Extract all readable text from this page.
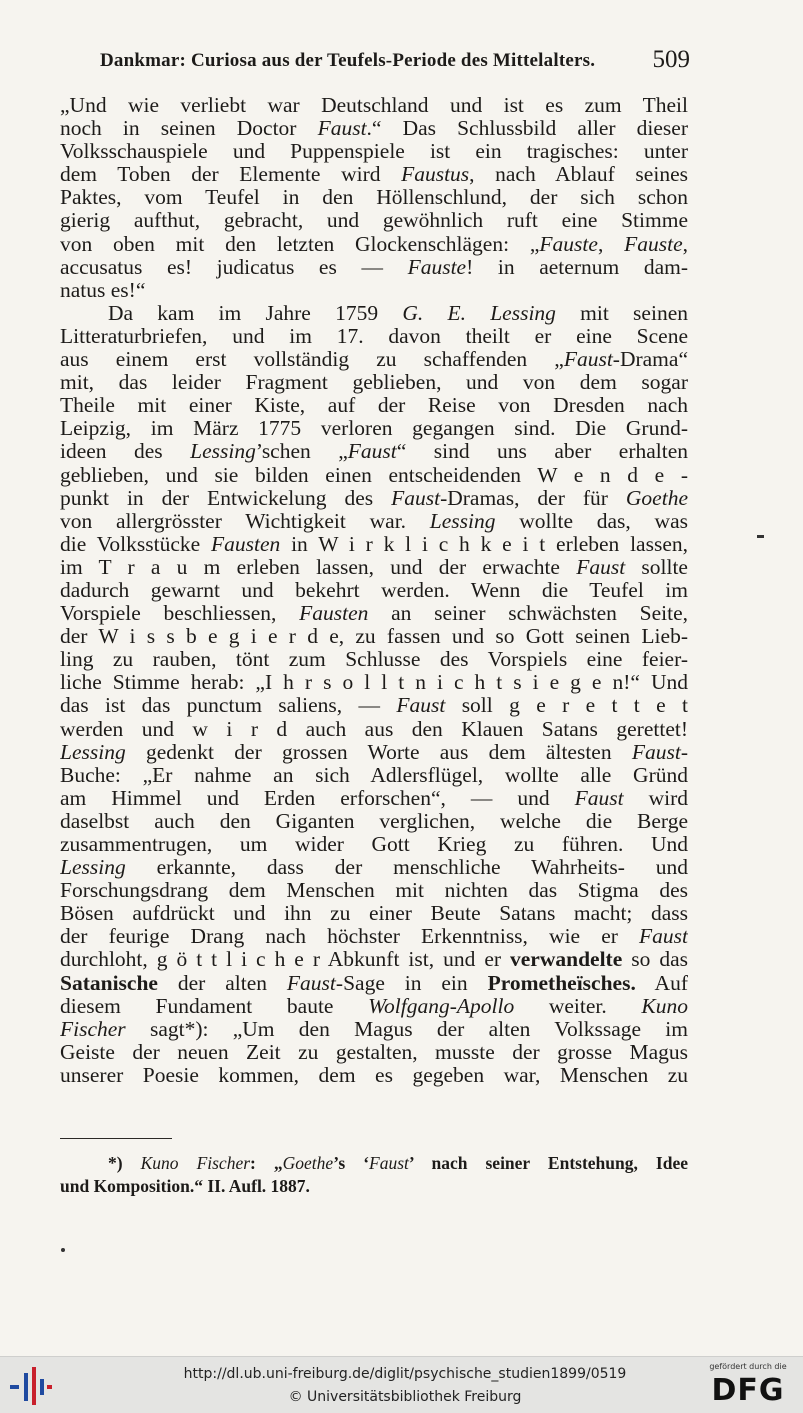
Dankmar: Curiosa aus der Teufels-Periode des Mittelalters. 509
„Und wie verliebt war Deutschland und ist es zum Theil
noch in seinen Doctor Faust.“ Das Schlussbild aller dieser
Volksschauspiele und Puppenspiele ist ein tragisches: unter
dem Toben der Elemente wird Faustus, nach Ablauf seines
Paktes, vom Teufel in den Höllenschlund, der sich schon
gierig aufthut, gebracht, und gewöhnlich ruft eine Stimme
von oben mit den letzten Glockenschlägen: „Fauste, Fauste,
accusatus es! judicatus es — Fauste! in aeternum dam-
natus es!“
Da kam im Jahre 1759 G. E. Lessing mit seinen
Litteraturbriefen, und im 17. davon theilt er eine Scene
aus einem erst vollständig zu schaffenden „Faust-Drama“
mit, das leider Fragment geblieben, und von dem sogar
Theile mit einer Kiste, auf der Reise von Dresden nach
Leipzig, im März 1775 verloren gegangen sind. Die Grund-
ideen des Lessing’schen „Faust“ sind uns aber erhalten
geblieben, und sie bilden einen entscheidenden W e n d e -
punkt in der Entwickelung des Faust-Dramas, der für Goethe
von allergrösster Wichtigkeit war. Lessing wollte das, was
die Volksstücke Fausten in W i r k l i c h k e i t erleben lassen,
im T r a u m erleben lassen, und der erwachte Faust sollte
dadurch gewarnt und bekehrt werden. Wenn die Teufel im
Vorspiele beschliessen, Fausten an seiner schwächsten Seite,
der W i s s b e g i e r d e, zu fassen und so Gott seinen Lieb-
ling zu rauben, tönt zum Schlusse des Vorspiels eine feier-
liche Stimme herab: „I h r s o l l t n i c h t s i e g e n!“ Und
das ist das punctum saliens, — Faust soll g e r e t t e t
werden und w i r d auch aus den Klauen Satans gerettet!
Lessing gedenkt der grossen Worte aus dem ältesten Faust-
Buche: „Er nahme an sich Adlersflügel, wollte alle Gründ
am Himmel und Erden erforschen“, — und Faust wird
daselbst auch den Giganten verglichen, welche die Berge
zusammentrugen, um wider Gott Krieg zu führen. Und
Lessing erkannte, dass der menschliche Wahrheits- und
Forschungsdrang dem Menschen mit nichten das Stigma des
Bösen aufdrückt und ihn zu einer Beute Satans macht; dass
der feurige Drang nach höchster Erkenntniss, wie er Faust
durchloht, g ö t t l i c h e r Abkunft ist, und er verwandelte so das
Satanische der alten Faust-Sage in ein Prometheïsches. Auf
diesem Fundament baute Wolfgang-Apollo weiter. Kuno
Fischer sagt*): „Um den Magus der alten Volkssage im
Geiste der neuen Zeit zu gestalten, musste der grosse Magus
unserer Poesie kommen, dem es gegeben war, Menschen zu
*) Kuno Fischer: „Goethe’s ‘Faust’ nach seiner Entstehung, Idee
und Komposition.“ II. Aufl. 1887.
http://dl.ub.uni-freiburg.de/diglit/psychische_studien1899/0519
© Universitätsbibliothek Freiburg
gefördert durch die
DFG
